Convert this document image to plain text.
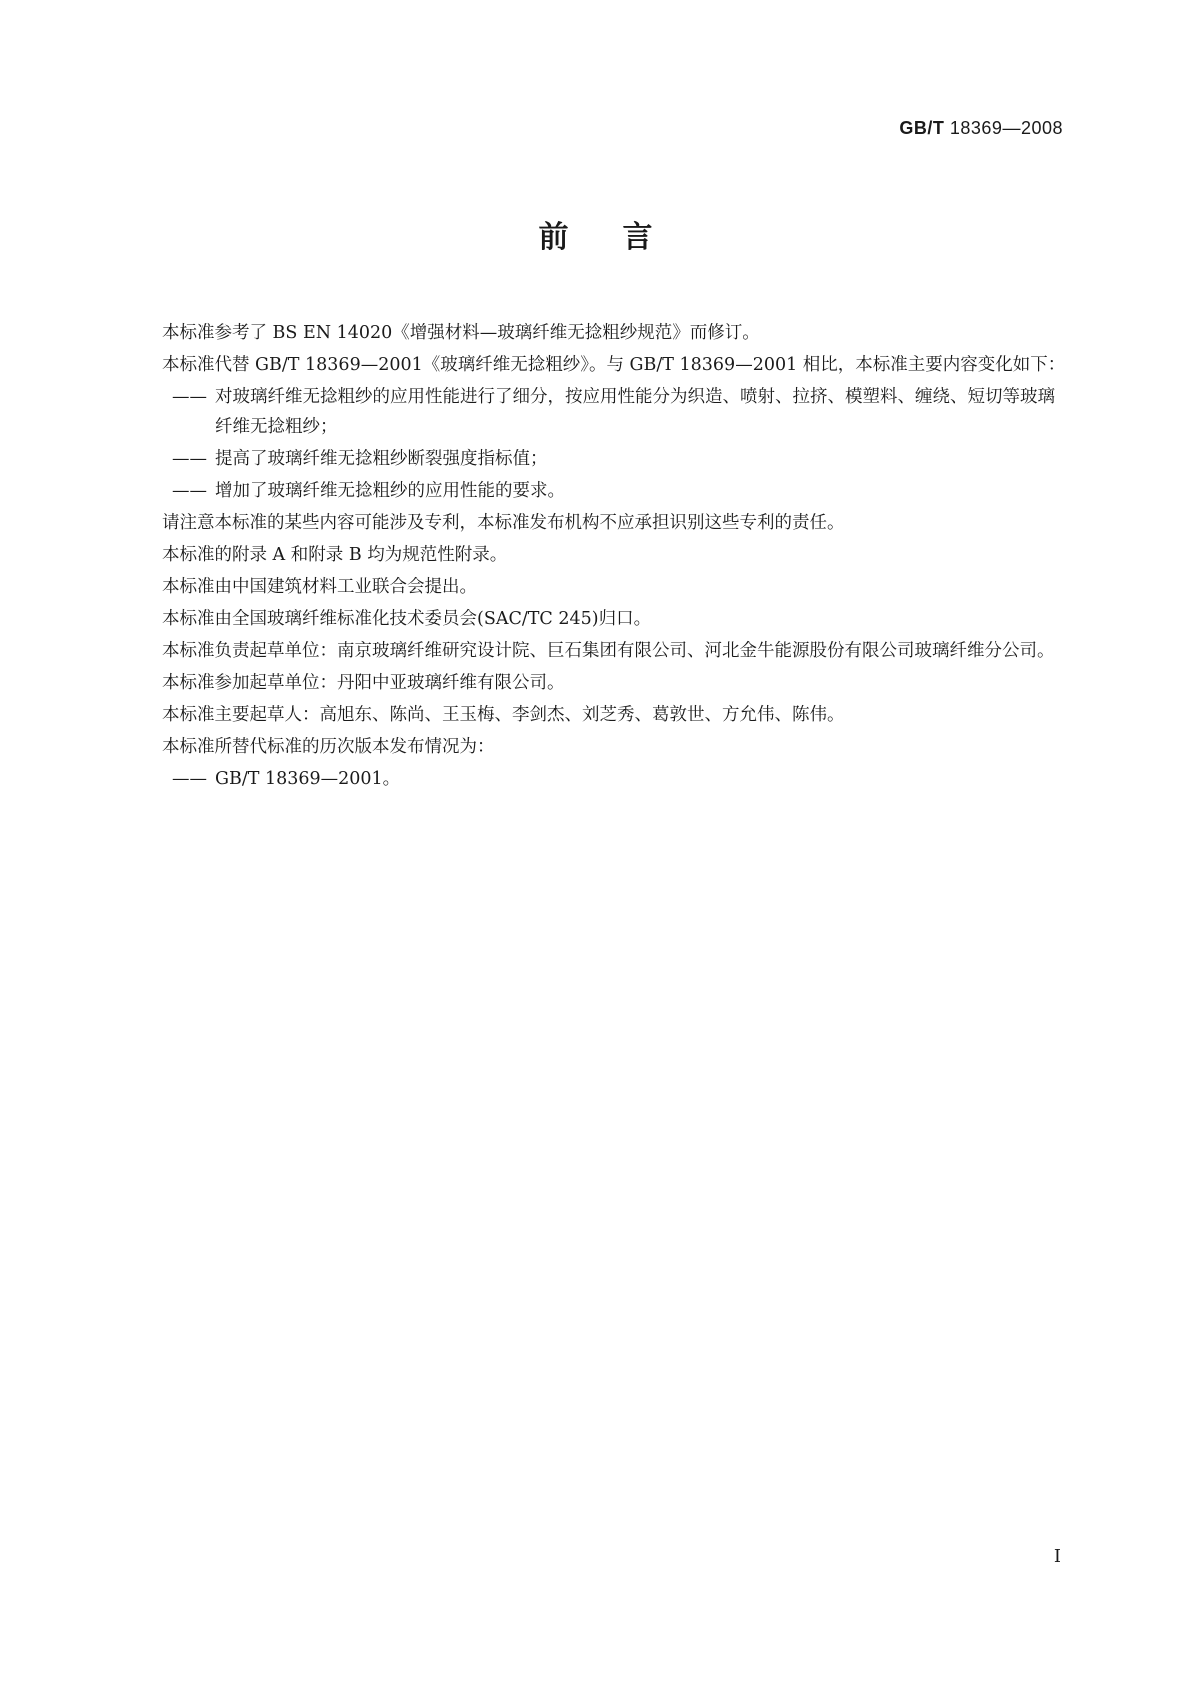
GB/T 18369—2008
前言

本标准参考了 BS EN 14020《增强材料—玻璃纤维无捻粗纱规范》而修订。

本标准代替 GB/T 18369—2001《玻璃纤维无捻粗纱》。与 GB/T 18369—2001 相比，本标准主要内容变化如下：

—— 对玻璃纤维无捻粗纱的应用性能进行了细分，按应用性能分为织造、喷射、拉挤、模塑料、缠绕、短切等玻璃纤维无捻粗纱；
—— 提高了玻璃纤维无捻粗纱断裂强度指标值；
—— 增加了玻璃纤维无捻粗纱的应用性能的要求。

请注意本标准的某些内容可能涉及专利，本标准发布机构不应承担识别这些专利的责任。

本标准的附录 A 和附录 B 均为规范性附录。

本标准由中国建筑材料工业联合会提出。

本标准由全国玻璃纤维标准化技术委员会(SAC/TC 245)归口。

本标准负责起草单位：南京玻璃纤维研究设计院、巨石集团有限公司、河北金牛能源股份有限公司玻璃纤维分公司。

本标准参加起草单位：丹阳中亚玻璃纤维有限公司。

本标准主要起草人：高旭东、陈尚、王玉梅、李剑杰、刘芝秀、葛敦世、方允伟、陈伟。

本标准所替代标准的历次版本发布情况为：

—— GB/T 18369—2001。
I
